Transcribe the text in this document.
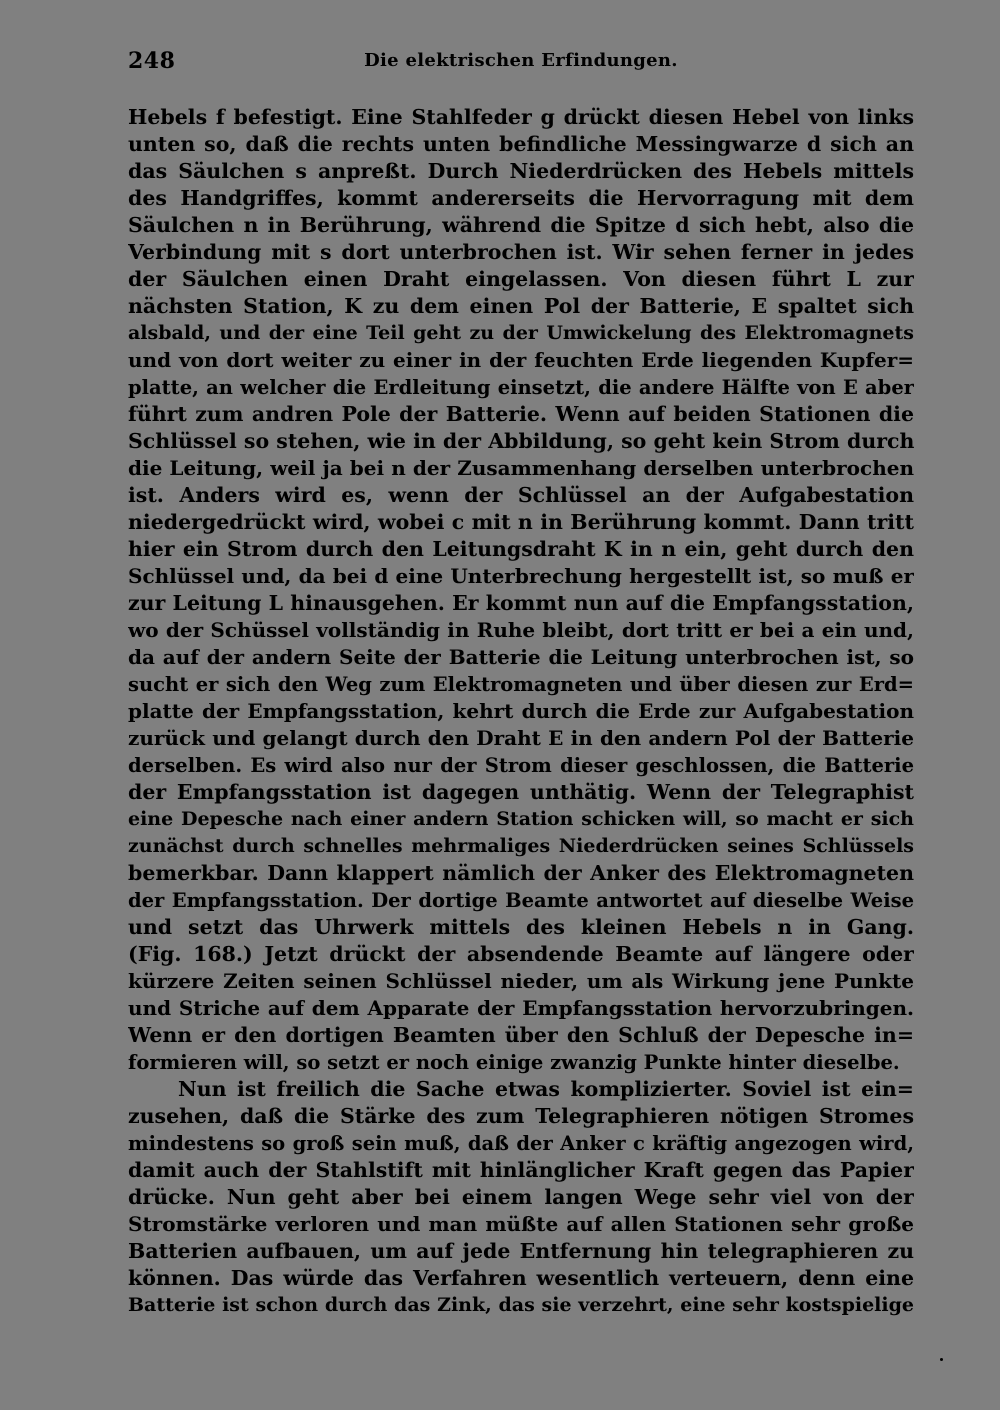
248	Die elektrischen Erfindungen.
Hebels f befestigt. Eine Stahlfeder g drückt diesen Hebel von links
unten so, daß die rechts unten befindliche Messingwarze d sich an
das Säulchen s anpreßt. Durch Niederdrücken des Hebels mittels
des Handgriffes, kommt andererseits die Hervorragung mit dem
Säulchen n in Berührung, während die Spitze d sich hebt, also die
Verbindung mit s dort unterbrochen ist. Wir sehen ferner in jedes
der Säulchen einen Draht eingelassen. Von diesen führt L zur
nächsten Station, K zu dem einen Pol der Batterie, E spaltet sich
alsbald, und der eine Teil geht zu der Umwickelung des Elektromagnets
und von dort weiter zu einer in der feuchten Erde liegenden Kupfer=
platte, an welcher die Erdleitung einsetzt, die andere Hälfte von E aber
führt zum andren Pole der Batterie. Wenn auf beiden Stationen die
Schlüssel so stehen, wie in der Abbildung, so geht kein Strom durch
die Leitung, weil ja bei n der Zusammenhang derselben unterbrochen
ist. Anders wird es, wenn der Schlüssel an der Aufgabestation
niedergedrückt wird, wobei c mit n in Berührung kommt. Dann tritt
hier ein Strom durch den Leitungsdraht K in n ein, geht durch den
Schlüssel und, da bei d eine Unterbrechung hergestellt ist, so muß er
zur Leitung L hinausgehen. Er kommt nun auf die Empfangsstation,
wo der Schüssel vollständig in Ruhe bleibt, dort tritt er bei a ein und,
da auf der andern Seite der Batterie die Leitung unterbrochen ist, so
sucht er sich den Weg zum Elektromagneten und über diesen zur Erd=
platte der Empfangsstation, kehrt durch die Erde zur Aufgabestation
zurück und gelangt durch den Draht E in den andern Pol der Batterie
derselben. Es wird also nur der Strom dieser geschlossen, die Batterie
der Empfangsstation ist dagegen unthätig. Wenn der Telegraphist
eine Depesche nach einer andern Station schicken will, so macht er sich
zunächst durch schnelles mehrmaliges Niederdrücken seines Schlüssels
bemerkbar. Dann klappert nämlich der Anker des Elektromagneten
der Empfangsstation. Der dortige Beamte antwortet auf dieselbe Weise
und setzt das Uhrwerk mittels des kleinen Hebels n in Gang.
(Fig. 168.) Jetzt drückt der absendende Beamte auf längere oder
kürzere Zeiten seinen Schlüssel nieder, um als Wirkung jene Punkte
und Striche auf dem Apparate der Empfangsstation hervorzubringen.
Wenn er den dortigen Beamten über den Schluß der Depesche in=
formieren will, so setzt er noch einige zwanzig Punkte hinter dieselbe.
Nun ist freilich die Sache etwas komplizierter. Soviel ist ein=
zusehen, daß die Stärke des zum Telegraphieren nötigen Stromes
mindestens so groß sein muß, daß der Anker c kräftig angezogen wird,
damit auch der Stahlstift mit hinlänglicher Kraft gegen das Papier
drücke. Nun geht aber bei einem langen Wege sehr viel von der
Stromstärke verloren und man müßte auf allen Stationen sehr große
Batterien aufbauen, um auf jede Entfernung hin telegraphieren zu
können. Das würde das Verfahren wesentlich verteuern, denn eine
Batterie ist schon durch das Zink, das sie verzehrt, eine sehr kostspielige
